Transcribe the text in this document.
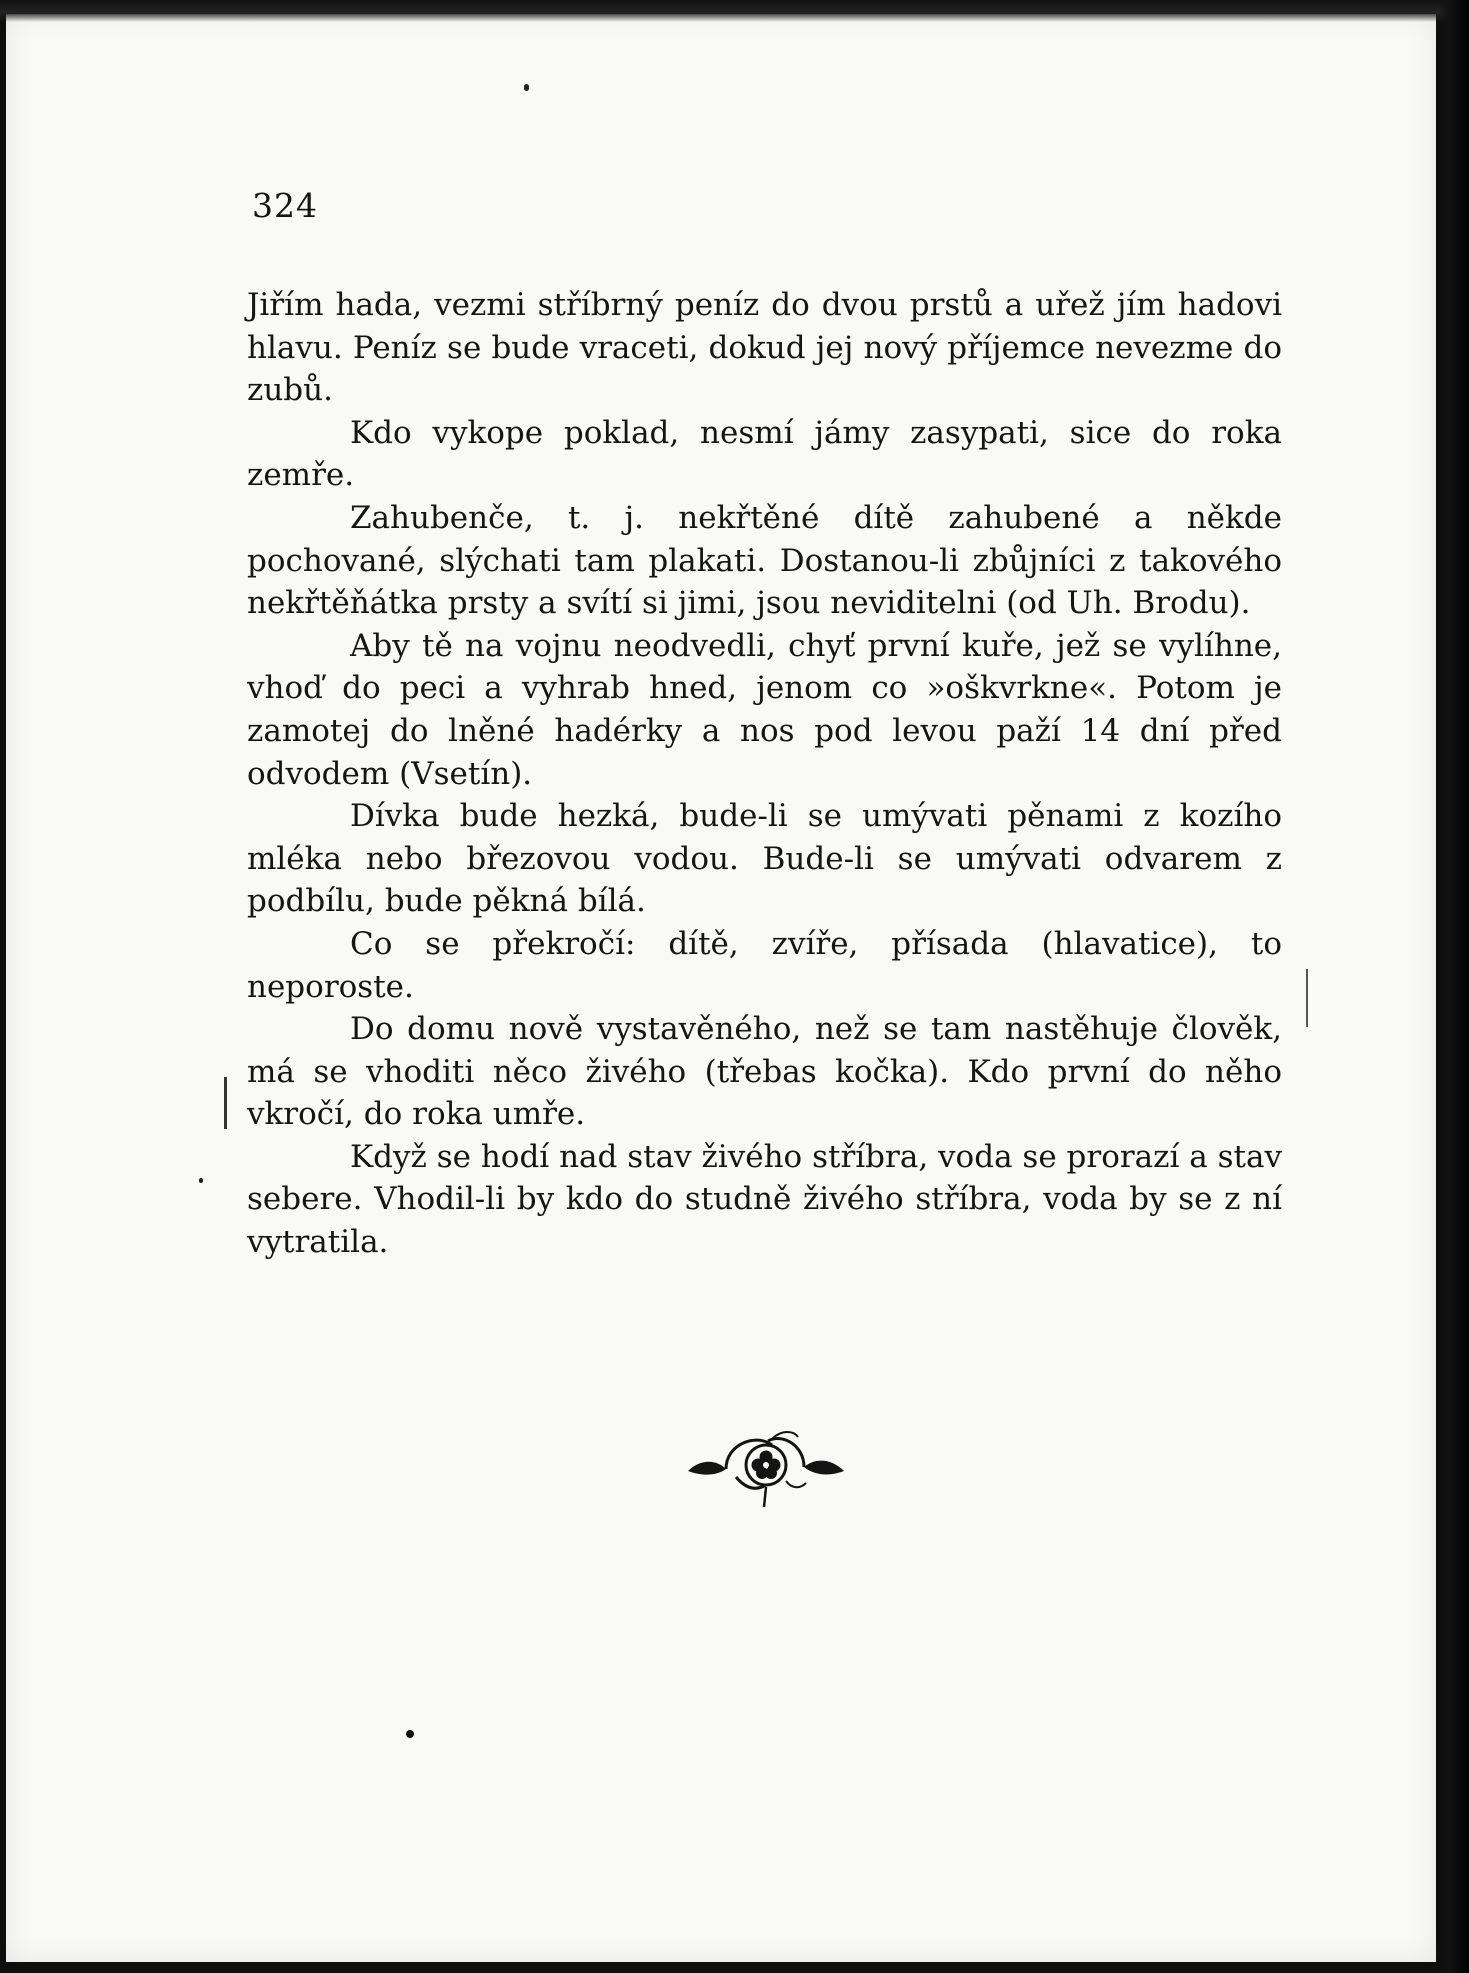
324

Jiřím hada, vezmi stříbrný peníz do dvou prstů a uřež jím hadovi hlavu. Peníz se bude vraceti, dokud jej nový příjemce nevezme do zubů.

Kdo vykope poklad, nesmí jámy zasypati, sice do roka zemře.

Zahubenče, t. j. nekřtěné dítě zahubené a někde pochované, slýchati tam plakati. Dostanou-li zbůjníci z takového nekřtěňátka prsty a svítí si jimi, jsou neviditelni (od Uh. Brodu).

Aby tě na vojnu neodvedli, chyť první kuře, jež se vylíhne, vhoď do peci a vyhrab hned, jenom co »oškvrkne«. Potom je zamotej do lněné hadérky a nos pod levou paží 14 dní před odvodem (Vsetín).

Dívka bude hezká, bude-li se umývati pěnami z kozího mléka nebo březovou vodou. Bude-li se umývati odvarem z podbílu, bude pěkná bílá.

Co se překročí: dítě, zvíře, přísada (hlavatice), to neporoste.

Do domu nově vystavěného, než se tam nastěhuje člověk, má se vhoditi něco živého (třebas kočka). Kdo první do něho vkročí, do roka umře.

Když se hodí nad stav živého stříbra, voda se prorazí a stav sebere. Vhodil-li by kdo do studně živého stříbra, voda by se z ní vytratila.
